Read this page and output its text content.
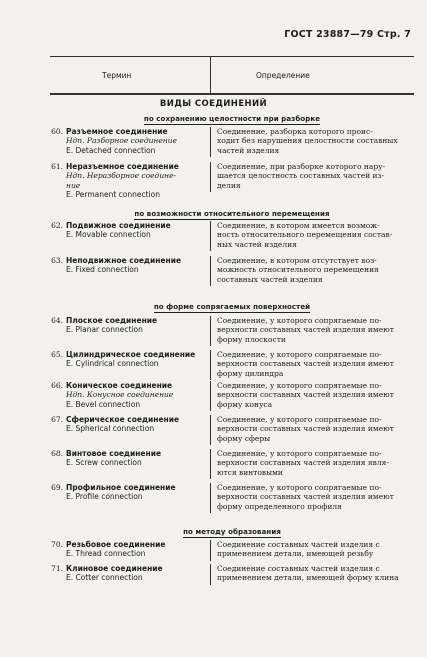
ГОСТ 23887—79 Стр. 7
Термин	Определение
ВИДЫ СОЕДИНЕНИЙ
по сохранению целостности при разборке
по возможности относительного перемещения
по форме сопрягаемых поверхностей
по методу образования
60. Разъемное соединение
Ндп. Разборное соединение
E. Detached connection
Соединение, разборка которого проис-
ходит без нарушения целостности составных
частей изделия
61. Неразъемное соединение
Ндп. Неразборное соедине-
ние
E. Permanent connection
Соединение, при разборке которого нару-
шается целостность составных частей из-
делия
62. Подвижное соединение
E. Movable connection
Соединение, в котором имеется возмож-
ность относительного перемещения состав-
ных частей изделия
63. Неподвижное соединение
E. Fixed connection
Соединение, в котором отсутствует воз-
можность относительного перемещения
составных частей изделия
64. Плоское соединение
E. Planar connection
Соединение, у которого сопрягаемые по-
верхности составных частей изделия имеют
форму плоскости
65. Цилиндрическое соединение
E. Cylindrical connection
Соединение, у которого сопрягаемые по-
верхности составных частей изделия имеют
форму цилиндра
66. Коническое соединение
Ндп. Конусное соединение
E. Bevel connection
Соединение, у которого сопрягаемые по-
верхности составных частей изделия имеют
форму конуса
67. Сферическое соединение
E. Spherical connection
Соединение, у которого сопрягаемые по-
верхности составных частей изделия имеют
форму сферы
68. Винтовое соединение
E. Screw connection
Соединение, у которого сопрягаемые по-
верхности составных частей изделия явля-
ются винтовыми
69. Профильное соединение
E. Profile connection
Соединение, у которого сопрягаемые по-
верхности составных частей изделия имеют
форму определенного профиля
70. Резьбовое соединение
E. Thread connection
Соединение составных частей изделия с
применением детали, имеющей резьбу
71. Клиновое соединение
E. Cotter connection
Соединение составных частей изделия с
применением детали, имеющей форму клина
